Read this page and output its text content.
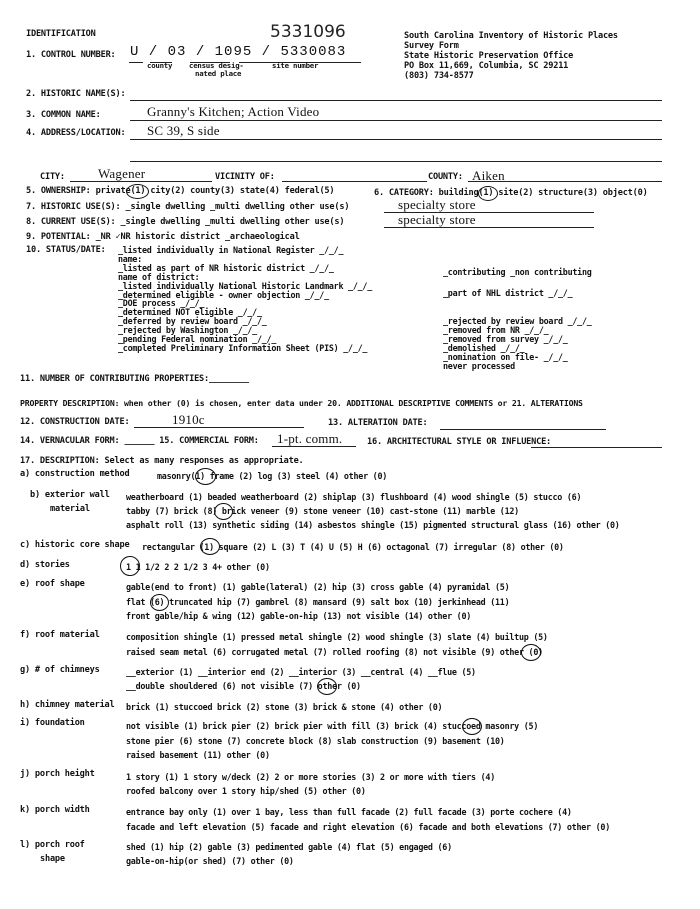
IDENTIFICATION	5331096	South Carolina Inventory of Historic Places
Survey Form
State Historic Preservation Office
PO Box 11,669, Columbia, SC 29211
(803) 734-8577
1. CONTROL NUMBER: U / 03 / 1095 / 5330083
county census desig-
nated place
site number
2. HISTORIC NAME(S):
3. COMMON NAME:	Granny's Kitchen; Action Video
4. ADDRESS/LOCATION: SC 39, S side
CITY:	Wagener	VICINITY OF:	COUNTY: Aiken
5. OWNERSHIP: private(1) city(2) county(3) state(4) federal(5)	6. CATEGORY: building(1) site(2) structure(3) object(0)
7. HISTORIC USE(S): _single dwelling _multi dwelling other use(s)	specialty store
8. CURRENT USE(S): _single dwelling _multi dwelling other use(s)	specialty store
9. POTENTIAL: _NR ✓NR historic district _archaeological
10. STATUS/DATE: _listed individually in National Register _/_/_
name:
_listed as part of NR historic district _/_/_
name of district:
_listed individually National Historic Landmark _/_/_
_determined eligible - owner objection _/_/_
_DOE process _/_/_
_determined NOT eligible _/_/_
_deferred by review board _/_/_
_rejected by Washington _/_/_
_pending Federal nomination _/_/_
_completed Preliminary Information Sheet (PIS) _/_/_
_contributing _non contributing
_part of NHL district _/_/_
_rejected by review board _/_/_
_removed from NR _/_/_
_removed from survey _/_/_
_demolished _/_/_
_nomination on file- _/_/_
never processed
11. NUMBER OF CONTRIBUTING PROPERTIES:________
PROPERTY DESCRIPTION: when other (0) is chosen, enter data under 20. ADDITIONAL DESCRIPTIVE COMMENTS or 21. ALTERATIONS
12. CONSTRUCTION DATE:	1910c	13. ALTERATION DATE:
14. VERNACULAR FORM: ______ 15. COMMERCIAL FORM: 1-pt. comm.	16. ARCHITECTURAL STYLE OR INFLUENCE:
17. DESCRIPTION: Select as many responses as appropriate.
a) construction method	masonry(1) frame (2) log (3) steel (4) other (0)
b) exterior wall
material
weatherboard (1) beaded weatherboard (2) shiplap (3) flushboard (4) wood shingle (5) stucco (6)
tabby (7) brick (8) brick veneer (9) stone veneer (10) cast-stone (11) marble (12)
asphalt roll (13) synthetic siding (14) asbestos shingle (15) pigmented structural glass (16) other (0)
c) historic core shape rectangular (1) square (2) L (3) T (4) U (5) H (6) octagonal (7) irregular (8) other (0)
d) stories	1 1 1/2 2 2 1/2 3 4+ other (0)
e) roof shape	gable(end to front) (1) gable(lateral) (2) hip (3) cross gable (4) pyramidal (5)
flat (6) truncated hip (7) gambrel (8) mansard (9) salt box (10) jerkinhead (11)
front gable/hip & wing (12) gable-on-hip (13) not visible (14) other (0)
f) roof material	composition shingle (1) pressed metal shingle (2) wood shingle (3) slate (4) builtup (5)
raised seam metal (6) corrugated metal (7) rolled roofing (8) not visible (9) other (0)
g) # of chimneys	__exterior (1) __interior end (2) __interior (3) __central (4) __flue (5)
__double shouldered (6) not visible (7) other (0)
h) chimney material brick (1) stuccoed brick (2) stone (3) brick & stone (4) other (0)
i) foundation	not visible (1) brick pier (2) brick pier with fill (3) brick (4) stuccoed masonry (5)
stone pier (6) stone (7) concrete block (8) slab construction (9) basement (10)
raised basement (11) other (0)
j) porch height	1 story (1) 1 story w/deck (2) 2 or more stories (3) 2 or more with tiers (4)
roofed balcony over 1 story hip/shed (5) other (0)
k) porch width	entrance bay only (1) over 1 bay, less than full facade (2) full facade (3) porte cochere (4)
facade and left elevation (5) facade and right elevation (6) facade and both elevations (7) other (0)
l) porch roof
shape
shed (1) hip (2) gable (3) pedimented gable (4) flat (5) engaged (6)
gable-on-hip(or shed) (7) other (0)
